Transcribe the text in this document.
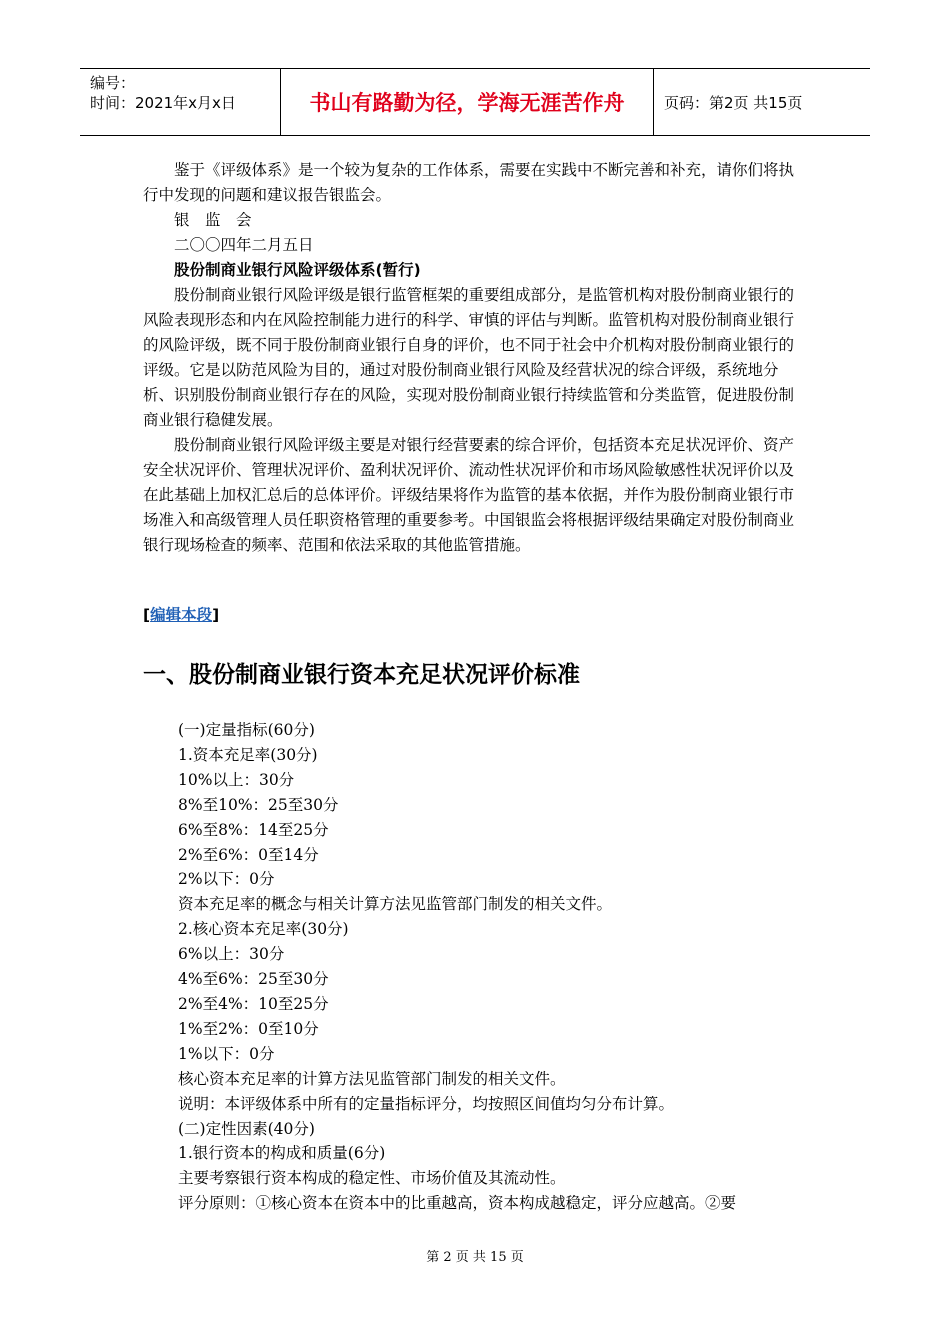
编号：
时间：2021年x月x日	书山有路勤为径，学海无涯苦作舟	页码：第2页 共15页

鉴于《评级体系》是一个较为复杂的工作体系，需要在实践中不断完善和补充，请你们将执行中发现的问题和建议报告银监会。

银　监　会

二〇〇四年二月五日

股份制商业银行风险评级体系(暂行)

股份制商业银行风险评级是银行监管框架的重要组成部分，是监管机构对股份制商业银行的风险表现形态和内在风险控制能力进行的科学、审慎的评估与判断。监管机构对股份制商业银行的风险评级，既不同于股份制商业银行自身的评价，也不同于社会中介机构对股份制商业银行的评级。它是以防范风险为目的，通过对股份制商业银行风险及经营状况的综合评级，系统地分析、识别股份制商业银行存在的风险，实现对股份制商业银行持续监管和分类监管，促进股份制商业银行稳健发展。

股份制商业银行风险评级主要是对银行经营要素的综合评价，包括资本充足状况评价、资产安全状况评价、管理状况评价、盈利状况评价、流动性状况评价和市场风险敏感性状况评价以及在此基础上加权汇总后的总体评价。评级结果将作为监管的基本依据，并作为股份制商业银行市场准入和高级管理人员任职资格管理的重要参考。中国银监会将根据评级结果确定对股份制商业银行现场检查的频率、范围和依法采取的其他监管措施。

[编辑本段]
一、股份制商业银行资本充足状况评价标准

(一)定量指标(60分)

1.资本充足率(30分)

10%以上：30分

8%至10%：25至30分

6%至8%：14至25分

2%至6%：0至14分

2%以下：0分

资本充足率的概念与相关计算方法见监管部门制发的相关文件。

2.核心资本充足率(30分)

6%以上：30分

4%至6%：25至30分

2%至4%：10至25分

1%至2%：0至10分

1%以下：0分

核心资本充足率的计算方法见监管部门制发的相关文件。

说明：本评级体系中所有的定量指标评分，均按照区间值均匀分布计算。

(二)定性因素(40分)

1.银行资本的构成和质量(6分)

主要考察银行资本构成的稳定性、市场价值及其流动性。

评分原则：①核心资本在资本中的比重越高，资本构成越稳定，评分应越高。②要

第 2 页 共 15 页
